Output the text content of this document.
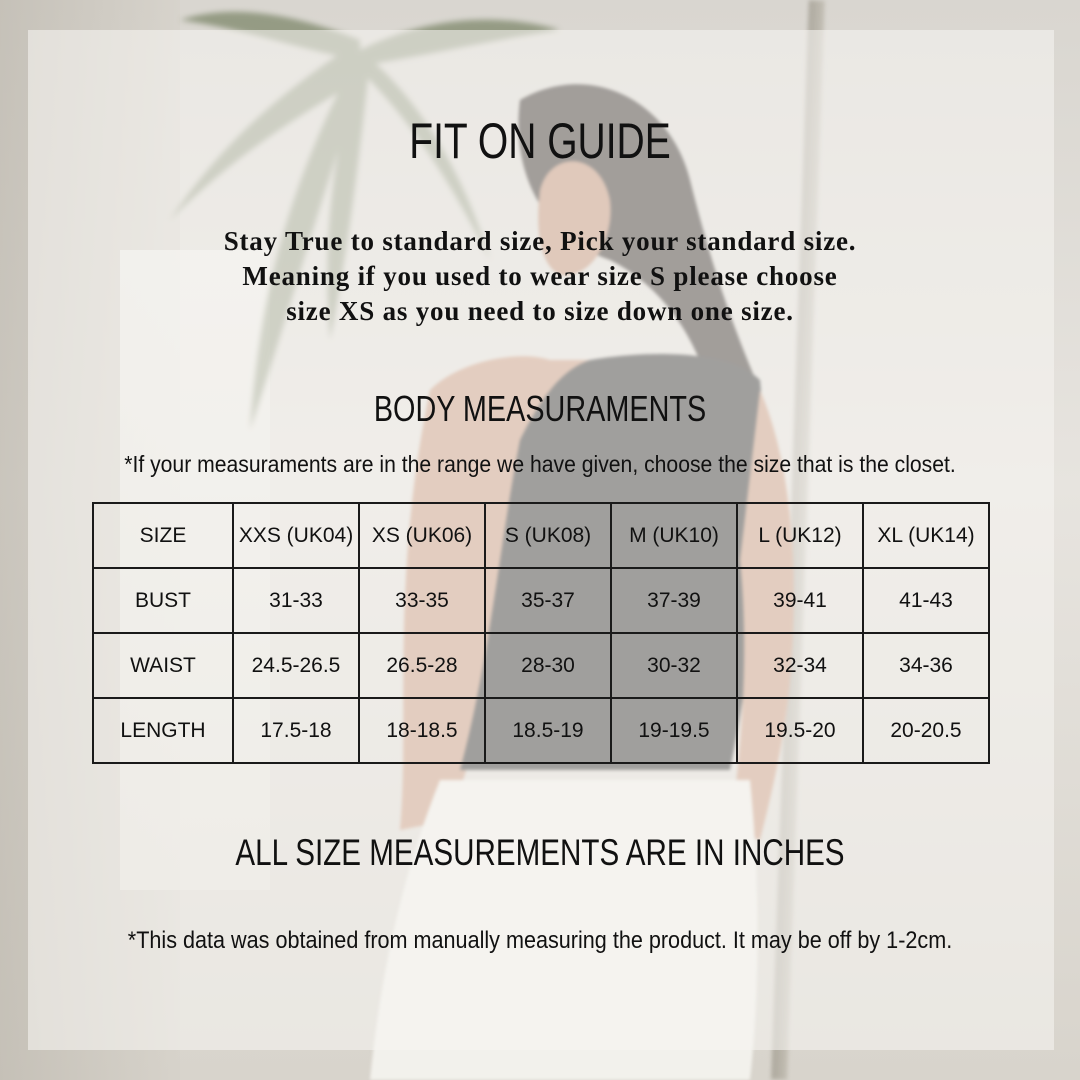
FIT ON GUIDE
Stay True to standard size, Pick your standard size.
Meaning if you used to wear size S please choose
size XS as you need to size down one size.
BODY MEASURAMENTS
*If your measuraments are in the range we have given, choose the size that is the closet.
SIZE	XXS (UK04)	XS (UK06)	S (UK08)	M (UK10)	L (UK12)	XL (UK14)
BUST	31-33	33-35	35-37	37-39	39-41	41-43
WAIST	24.5-26.5	26.5-28	28-30	30-32	32-34	34-36
LENGTH	17.5-18	18-18.5	18.5-19	19-19.5	19.5-20	20-20.5
ALL SIZE MEASUREMENTS ARE IN INCHES
*This data was obtained from manually measuring the product. It may be off by 1-2cm.
